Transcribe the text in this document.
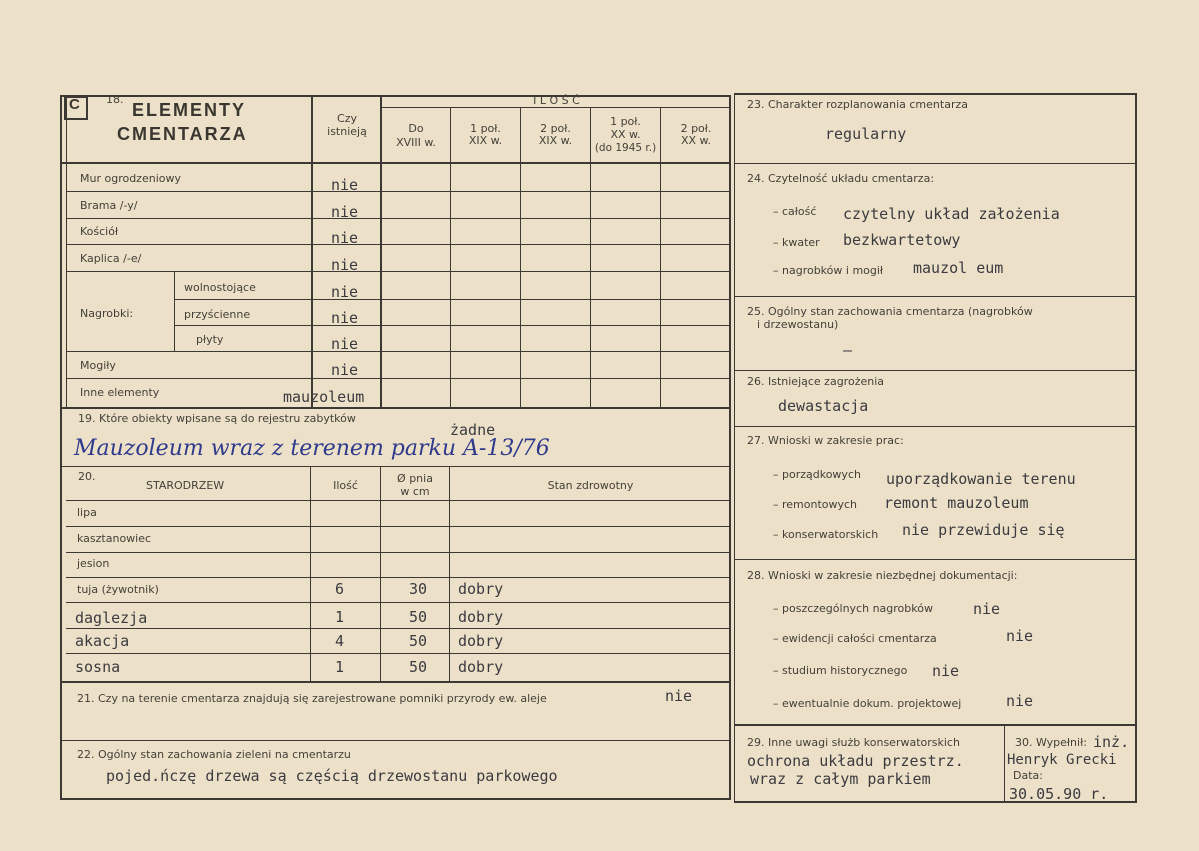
C 18.
ELEMENTY
CMENTARZA
Czy
istnieją
I L O Ś Ć
Do
XVIII w.
1 poł.
XIX w.
2 poł.
XIX w.
1 poł.
XX w.
(do 1945 r.)
2 poł.
XX w.
Mur ogrodzeniowy	nie
Brama /-y/	nie
Kościół	nie
Kaplica /-e/	nie
Nagrobki:
wolnostojące	nie
przyścienne	nie
płyty	nie
Mogiły	nie
Inne elementy	mauzoleum
19. Które obiekty wpisane są do rejestru zabytków
żadne
Mauzoleum wraz z terenem parku A-13/76
20.
STARODRZEW	Ilość
Ø pnia
w cm	Stan zdrowotny
lipa
kasztanowiec
jesion
tuja (żywotnik)	6	30 dobry
daglezja	1	50 dobry
akacja	4	50 dobry
sosna	1	50 dobry
21. Czy na terenie cmentarza znajdują się zarejestrowane pomniki przyrody ew. aleje	nie
22. Ogólny stan zachowania zieleni na cmentarzu
pojed.ńczę drzewa są częścią drzewostanu parkowego
23. Charakter rozplanowania cmentarza
regularny
24. Czytelność układu cmentarza:
– całość czytelny układ założenia
– kwater bezkwartetowy
– nagrobków i mogił mauzol eum
25. Ogólny stan zachowania cmentarza (nagrobków
i drzewostanu)
–
26. Istniejące zagrożenia
dewastacja
27. Wnioski w zakresie prac:
– porządkowych uporządkowanie terenu
– remontowych remont mauzoleum
– konserwatorskich nie przewiduje się
28. Wnioski w zakresie niezbędnej dokumentacji:
– poszczególnych nagrobków	nie
– ewidencji całości cmentarza	nie
– studium historycznego nie
– ewentualnie dokum. projektowej	nie
29. Inne uwagi służb konserwatorskich
ochrona układu przestrz.
wraz z całym parkiem
30. Wypełnił: inż.
Henryk Grecki
Data:
30.05.90 r.
